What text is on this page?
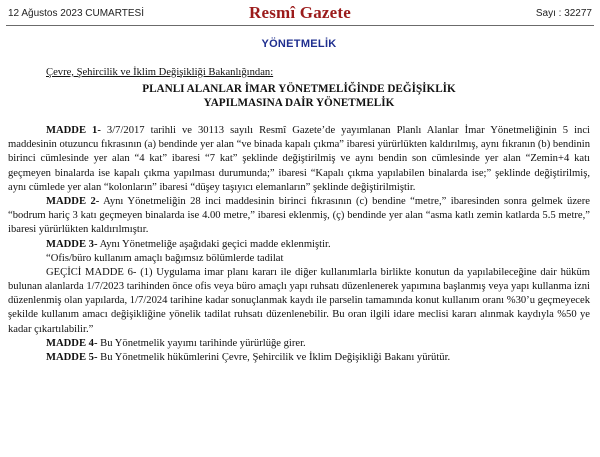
12 Ağustos 2023 CUMARTESİ	Resmî Gazete	Sayı : 32277
YÖNETMELİK
Çevre, Şehircilik ve İklim Değişikliği Bakanlığından:
PLANLI ALANLAR İMAR YÖNETMELİĞİNDE DEĞİŞİKLİK
YAPILMASINA DAİR YÖNETMELİK

MADDE 1- 3/7/2017 tarihli ve 30113 sayılı Resmî Gazete’de yayımlanan Planlı Alanlar İmar Yönetmeliğinin 5 inci maddesinin otuzuncu fıkrasının (a) bendinde yer alan “ve binada kapalı çıkma” ibaresi yürürlükten kaldırılmış, aynı fıkranın (b) bendinin birinci cümlesinde yer alan “4 kat” ibaresi “7 kat” şeklinde değiştirilmiş ve aynı bendin son cümlesinde yer alan “Zemin+4 katı geçmeyen binalarda ise kapalı çıkma yapılması durumunda;” ibaresi “Kapalı çıkma yapılabilen binalarda ise;” şeklinde değiştirilmiş, aynı cümlede yer alan “kolonların” ibaresi “düşey taşıyıcı elemanların” şeklinde değiştirilmiştir.

MADDE 2- Aynı Yönetmeliğin 28 inci maddesinin birinci fıkrasının (c) bendine “metre,” ibaresinden sonra gelmek üzere “bodrum hariç 3 katı geçmeyen binalarda ise 4.00 metre,” ibaresi eklenmiş, (ç) bendinde yer alan “asma katlı zemin katlarda 5.5 metre,” ibaresi yürürlükten kaldırılmıştır.

MADDE 3- Aynı Yönetmeliğe aşağıdaki geçici madde eklenmiştir.

“Ofis/büro kullanım amaçlı bağımsız bölümlerde tadilat

GEÇİCİ MADDE 6- (1) Uygulama imar planı kararı ile diğer kullanımlarla birlikte konutun da yapılabileceğine dair hüküm bulunan alanlarda 1/7/2023 tarihinden önce ofis veya büro amaçlı yapı ruhsatı düzenlenerek yapımına başlanmış veya yapı kullanma izni düzenlenmiş olan yapılarda, 1/7/2024 tarihine kadar sonuçlanmak kaydı ile parselin tamamında konut kullanım oranı %30’u geçmeyecek şekilde kullanım amacı değişikliğine yönelik tadilat ruhsatı düzenlenebilir. Bu oran ilgili idare meclisi kararı alınmak kaydıyla %50 ye kadar çıkartılabilir.”

MADDE 4- Bu Yönetmelik yayımı tarihinde yürürlüğe girer.

MADDE 5- Bu Yönetmelik hükümlerini Çevre, Şehircilik ve İklim Değişikliği Bakanı yürütür.
